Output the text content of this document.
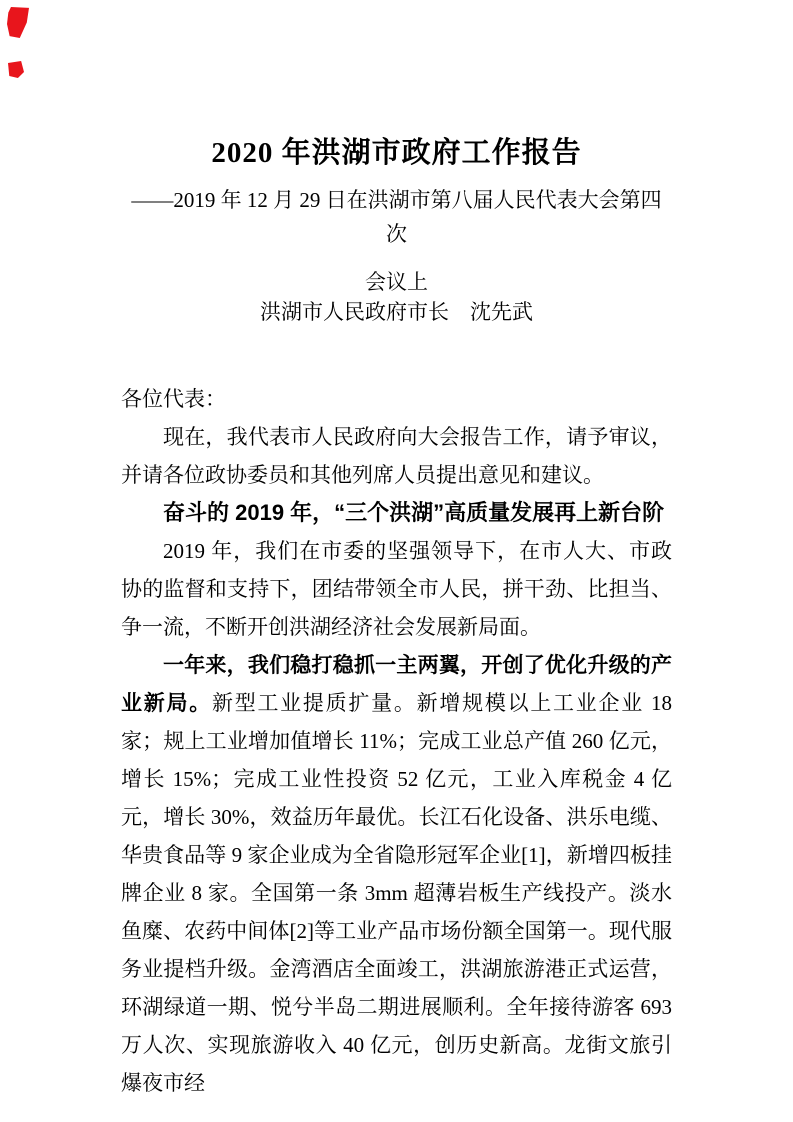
2020 年洪湖市政府工作报告
——2019 年 12 月 29 日在洪湖市第八届人民代表大会第四次
会议上
洪湖市人民政府市长　沈先武

各位代表：

现在，我代表市人民政府向大会报告工作，请予审议，并请各位政协委员和其他列席人员提出意见和建议。

奋斗的 2019 年，“三个洪湖”高质量发展再上新台阶

2019 年，我们在市委的坚强领导下，在市人大、市政协的监督和支持下，团结带领全市人民，拼干劲、比担当、争一流，不断开创洪湖经济社会发展新局面。

一年来，我们稳打稳抓一主两翼，开创了优化升级的产业新局。新型工业提质扩量。新增规模以上工业企业 18 家；规上工业增加值增长 11%；完成工业总产值 260 亿元，增长 15%；完成工业性投资 52 亿元，工业入库税金 4 亿元，增长 30%，效益历年最优。长江石化设备、洪乐电缆、华贵食品等 9 家企业成为全省隐形冠军企业[1]，新增四板挂牌企业 8 家。全国第一条 3mm 超薄岩板生产线投产。淡水鱼糜、农药中间体[2]等工业产品市场份额全国第一。现代服务业提档升级。金湾酒店全面竣工，洪湖旅游港正式运营，环湖绿道一期、悦兮半岛二期进展顺利。全年接待游客 693 万人次、实现旅游收入 40 亿元，创历史新高。龙街文旅引爆夜市经
